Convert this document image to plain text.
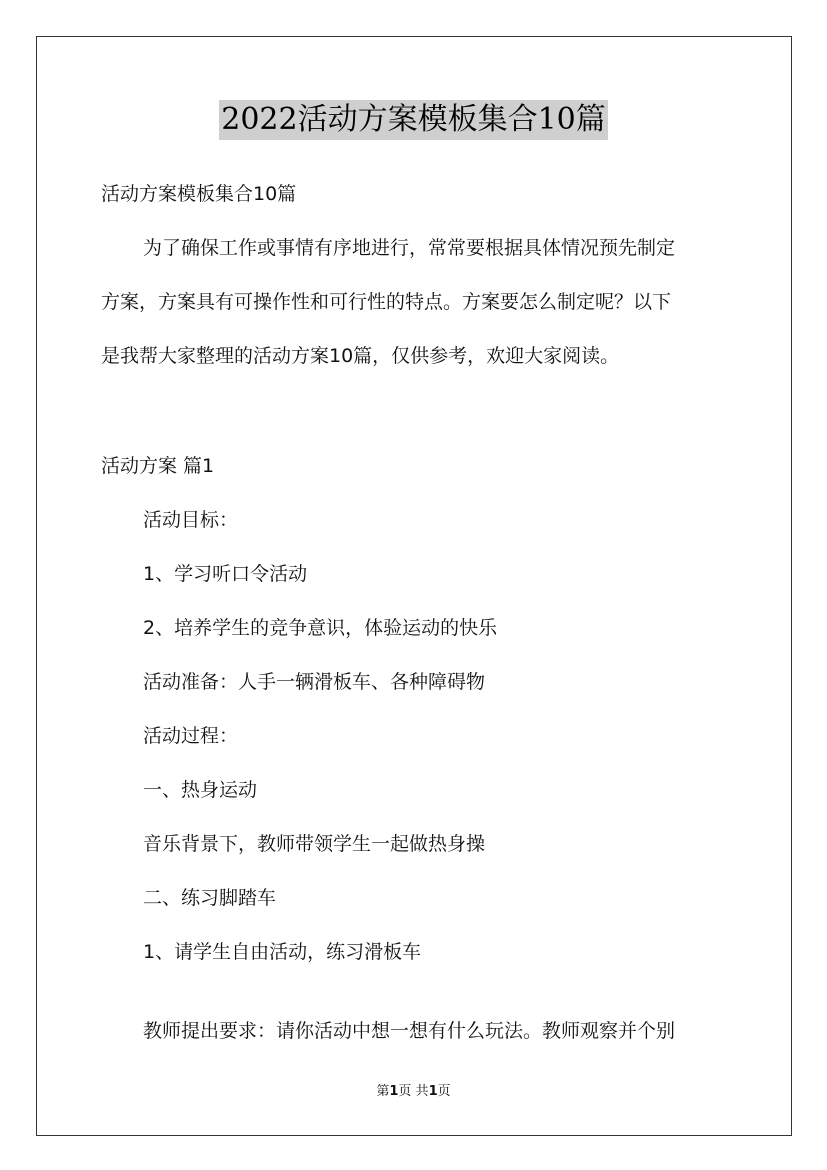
2022活动方案模板集合10篇
活动方案模板集合10篇
为了确保工作或事情有序地进行，常常要根据具体情况预先制定
方案，方案具有可操作性和可行性的特点。方案要怎么制定呢？以下
是我帮大家整理的活动方案10篇，仅供参考，欢迎大家阅读。
活动方案 篇1
活动目标：
1、学习听口令活动
2、培养学生的竞争意识，体验运动的快乐
活动准备：人手一辆滑板车、各种障碍物
活动过程：
一、热身运动
音乐背景下，教师带领学生一起做热身操
二、练习脚踏车
1、请学生自由活动，练习滑板车
教师提出要求：请你活动中想一想有什么玩法。教师观察并个别
第1页 共1页
